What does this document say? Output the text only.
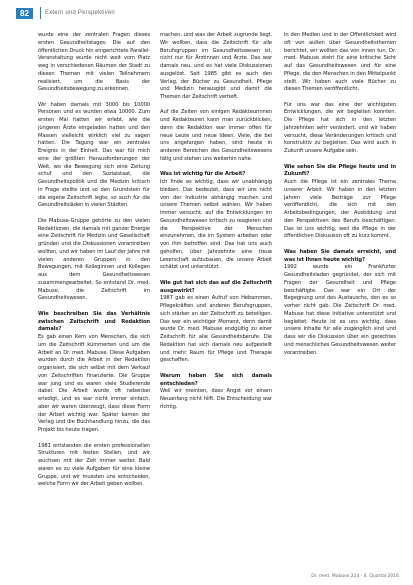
82	Extern und Perspektiven

wurde eine der zentralen Fragen dieses ersten Gesundheitstages: Die auf den öffentlichen Druck hin eingerichtete Parallel-Veranstaltung wurde nicht weit vom Platz weg in verschiedenen Räumen der Stadt zu diesen Themen mit vielen Teilnehmern realisiert, um die Basis der Gesundheitsbewegung zu erkennen.

Wir haben damals mit 3000 bis 10000 Personen und es wurden etwa 10000. Zum ersten Mal hatten wir erlebt, wie die jüngeren Ärzte eingeladen hatten und den Massen vielleicht wirklich viel zu sagen hatten. Die Tagung war ein zentrales Ereignis in der Einheit. Das war für mich eine der größten Herausforderungen der Welt, wo die Bewegung sich eine Zeitung schuf und den Sozialstaat, die Gesundheitspolitik und die Medizin kritisch in Frage stellte und so den Grundstein für die eigene Zeitschrift legte, so auch für die Gesundheitsläden in vielen Städten.

Die Mabuse-Gruppe gehörte zu den vielen Redaktionen, die damals mit ganzer Energie eine Zeitschrift für Medizin und Gesellschaft gründen und die Diskussionen vorantreiben wollten, und wir haben im Lauf der Jahre mit vielen anderen Gruppen in den Bewegungen, mit Kolleginnen und Kollegen aus dem Gesundheitswesen zusammengearbeitet. So entstand Dr. med. Mabuse, die Zeitschrift im Gesundheitswesen.

Wie beschreiben Sie das Verhältnis zwischen Zeitschrift und Redaktion damals?

Es gab einen Kern von Menschen, die sich um die Zeitschrift kümmerten und um die Arbeit an Dr. med. Mabuse. Diese Aufgaben wurden durch die Arbeit in der Redaktion organisiert, die sich selbst mit dem Verkauf von Zeitschriften finanzierte. Die Gruppe war jung und es waren viele Studierende dabei. Die Arbeit wurde oft nebenbei erledigt, und es war nicht immer einfach, aber wir waren überzeugt, dass diese Form der Arbeit wichtig war. Später kamen der Verlag und die Buchhandlung hinzu, die das Projekt bis heute tragen.

1981 entstanden die ersten professionellen Strukturen mit festen Stellen, und wir wuchsen mit der Zeit immer weiter. Bald waren es zu viele Aufgaben für eine kleine Gruppe, und wir mussten uns entscheiden, welche Form wir der Arbeit geben wollten.

machen, und was der Arbeit zugrunde liegt. Wir wollten, dass die Zeitschrift für alle Berufsgruppen im Gesundheitswesen ist, nicht nur für Ärztinnen und Ärzte. Das war damals neu, und es hat viele Diskussionen ausgelöst. Seit 1985 gibt es auch den Verlag, der Bücher zu Gesundheit, Pflege und Medizin herausgibt und damit die Themen der Zeitschrift vertieft.

Auf die Zeiten von einigen Redakteurinnen und Redakteuren kann man zurückblicken, denn die Redaktion war immer offen für neue Leute und neue Ideen. Viele, die bei uns angefangen haben, sind heute in anderen Bereichen des Gesundheitswesens tätig und stehen uns weiterhin nahe.

Was ist wichtig für die Arbeit?

Ich finde es wichtig, dass wir unabhängig bleiben. Das bedeutet, dass wir uns nicht von der Industrie abhängig machen und unsere Themen selbst wählen. Wir haben immer versucht, auf die Entwicklungen im Gesundheitswesen kritisch zu reagieren und die Perspektive der Menschen einzunehmen, die im System arbeiten oder von ihm betroffen sind. Das hat uns auch geholfen, über Jahrzehnte eine treue Leserschaft aufzubauen, die unsere Arbeit schätzt und unterstützt.

Wie gut hat sich das auf die Zeitschrift ausgewirkt?

1987 gab es einen Aufruf von Hebammen, Pflegekräften und anderen Berufsgruppen, sich stärker an der Zeitschrift zu beteiligen. Das war ein wichtiger Moment, denn damit wurde Dr. med. Mabuse endgültig zu einer Zeitschrift für alle Gesundheitsberufe. Die Redaktion hat sich damals neu aufgestellt und mehr Raum für Pflege und Therapie geschaffen.

Warum haben Sie sich damals entschieden?

Weil wir meinten, dass Angst vor einem Neuanfang nicht hilft. Die Entscheidung war richtig.

In den Medien und in der Öffentlichkeit wird oft von außen über Gesundheitsthemen berichtet, wir wollten das von innen tun. Dr. med. Mabuse steht für eine kritische Sicht auf das Gesundheitswesen und für eine Pflege, die den Menschen in den Mittelpunkt stellt. Wir haben auch viele Bücher zu diesen Themen veröffentlicht.

Für uns war das eine der wichtigsten Entwicklungen, die wir begleiten konnten. Die Pflege hat sich in den letzten Jahrzehnten sehr verändert, und wir haben versucht, diese Veränderungen kritisch und konstruktiv zu begleiten. Das wird auch in Zukunft unsere Aufgabe sein.

Wie sehen Sie die Pflege heute und in Zukunft?

Auch die Pflege ist ein zentrales Thema unserer Arbeit. Wir haben in den letzten Jahren viele Beiträge zur Pflege veröffentlicht, die sich mit den Arbeitsbedingungen, der Ausbildung und den Perspektiven des Berufs beschäftigen. Das ist uns wichtig, weil die Pflege in der öffentlichen Diskussion oft zu kurz kommt.

Was haben Sie damals erreicht, und was ist Ihnen heute wichtig?

1992 wurde ein Frankfurter Gesundheitsladen gegründet, der sich mit Fragen der Gesundheit und Pflege beschäftigte. Das war ein Ort der Begegnung und des Austauschs, den es so vorher nicht gab. Die Zeitschrift Dr. med. Mabuse hat diese Initiative unterstützt und begleitet. Heute ist es uns wichtig, dass unsere Inhalte für alle zugänglich sind und dass wir die Diskussion über ein gerechtes und menschliches Gesundheitswesen weiter vorantreiben.

Dr. med. Mabuse 224 · 4. Quartal 2016
